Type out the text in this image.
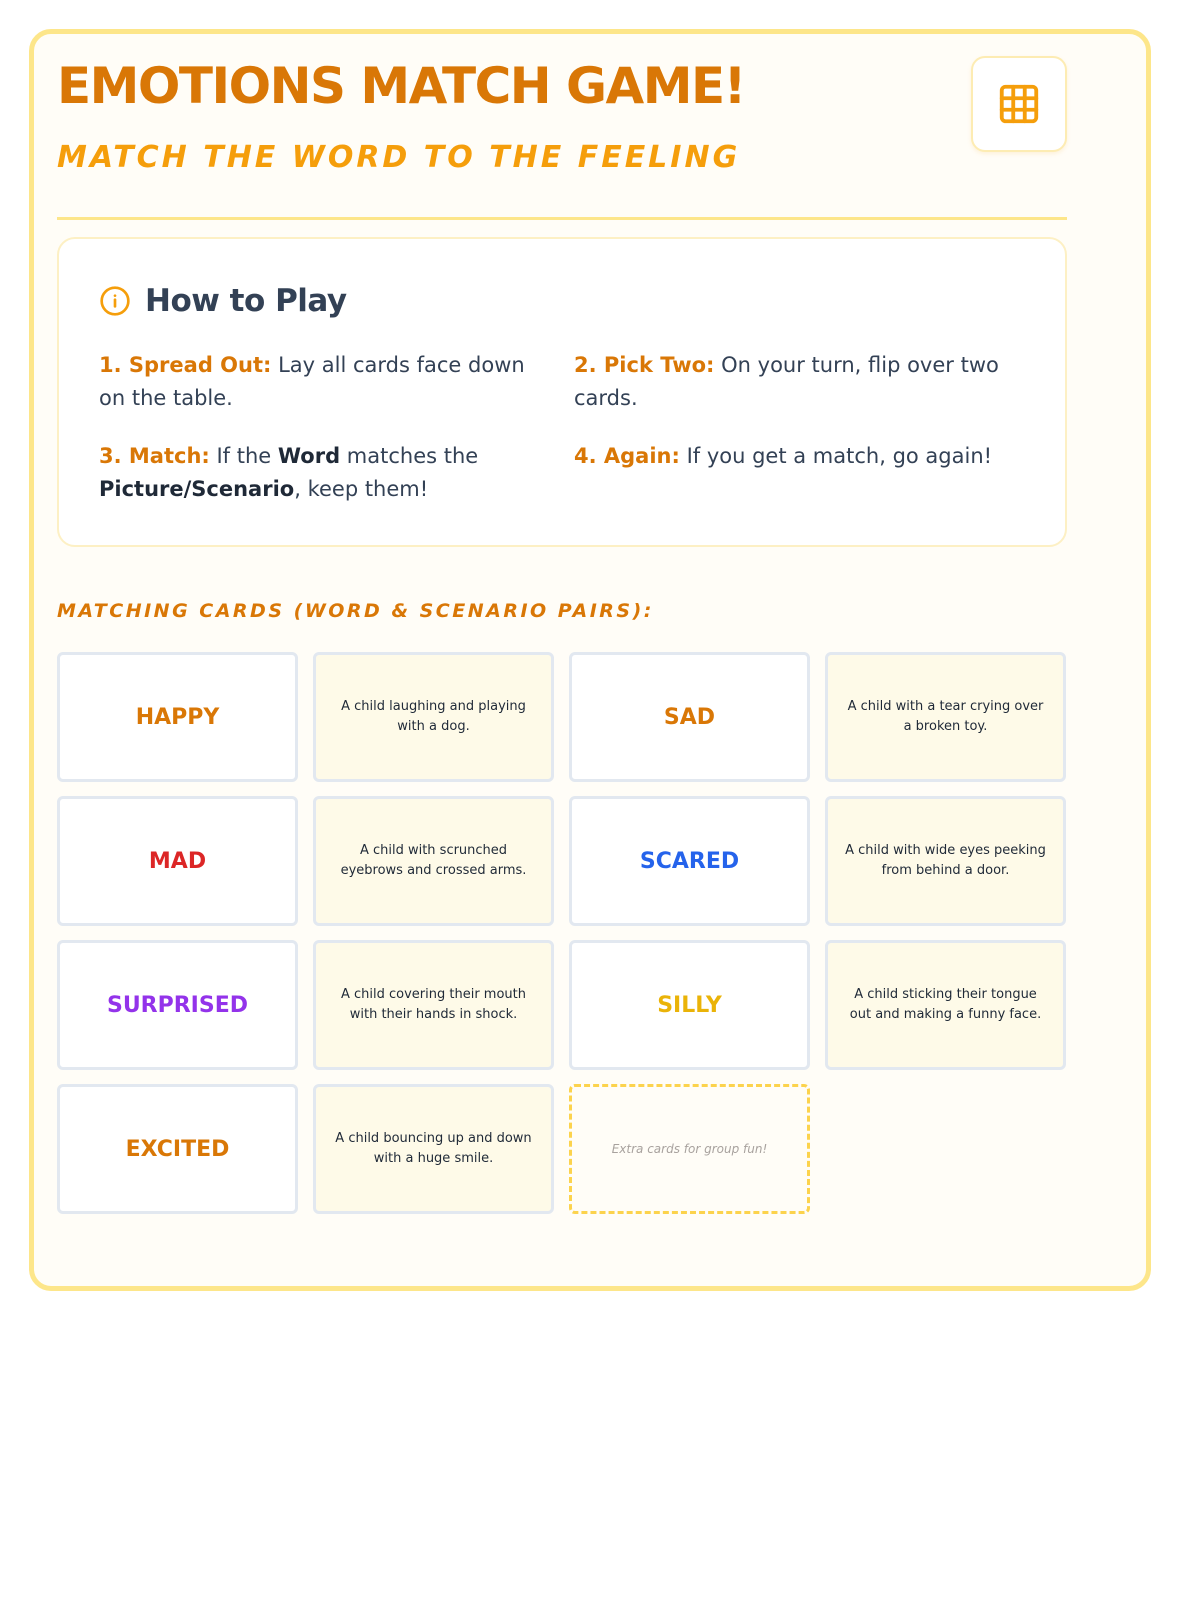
EMOTIONS MATCH GAME!
MATCH THE WORD TO THE FEELING
How to Play
1. Spread Out: Lay all cards face down on the table.
2. Pick Two: On your turn, flip over two cards.
3. Match: If the Word matches the Picture/Scenario, keep them!
4. Again: If you get a match, go again!
MATCHING CARDS (WORD & SCENARIO PAIRS):
HAPPY	A child laughing and playing with a dog.	SAD	A child with a tear crying over a broken toy.
MAD	A child with scrunched eyebrows and crossed arms.	SCARED	A child with wide eyes peeking from behind a door.
SURPRISED	A child covering their mouth with their hands in shock.	SILLY	A child sticking their tongue out and making a funny face.
EXCITED	A child bouncing up and down with a huge smile.
Extra cards for group fun!
